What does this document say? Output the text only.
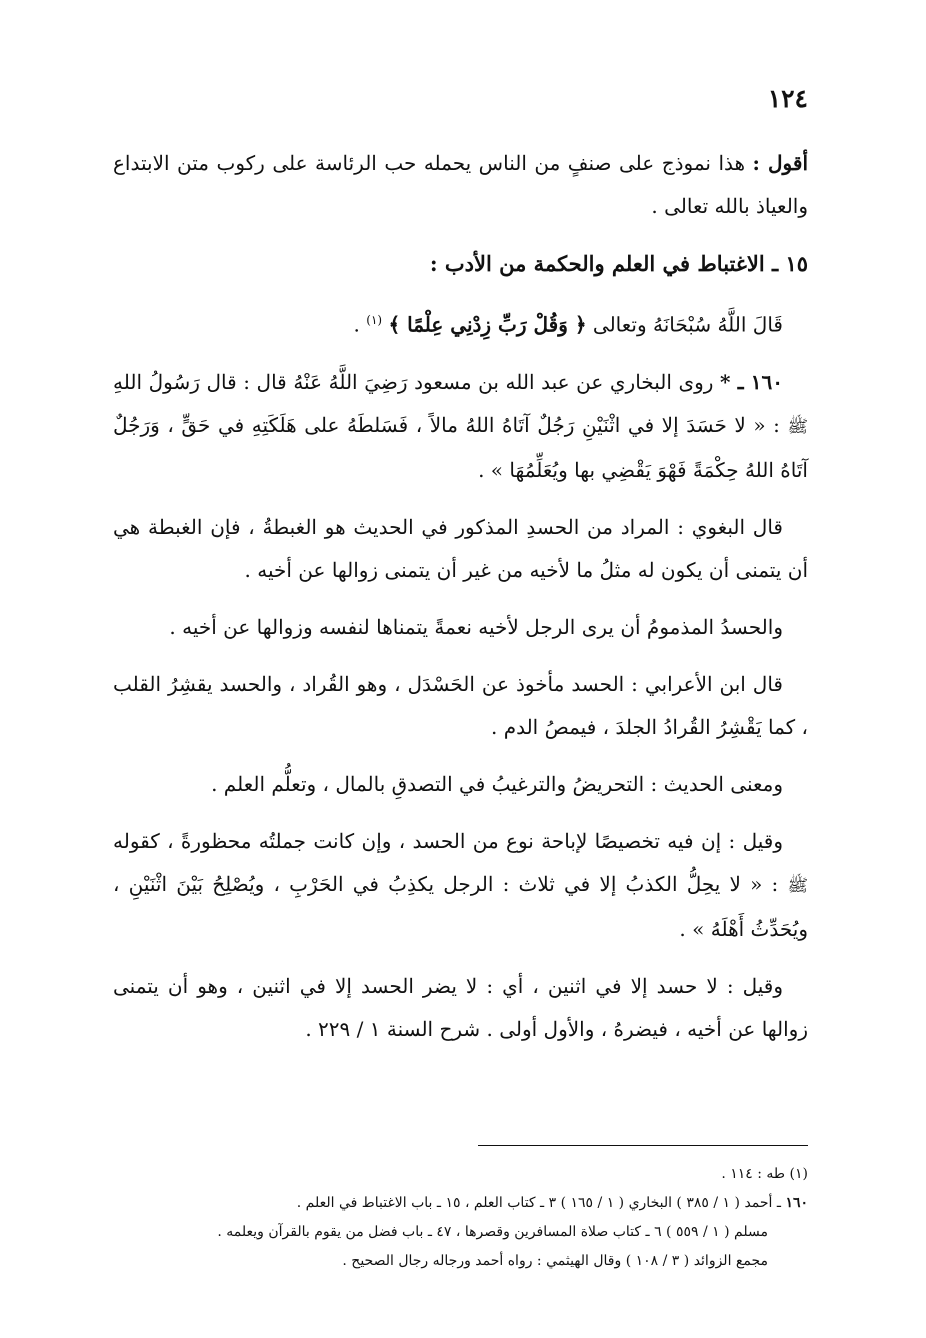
١٢٤

أقول : هذا نموذج على صنفٍ من الناس يحمله حب الرئاسة على ركوب متن الابتداع والعياذ بالله تعالى .

١٥ ـ الاغتباط في العلم والحكمة من الأدب :

قَالَ اللَّهُ سُبْحَانَهُ وتعالى ﴿ وَقُلْ رَبِّ زِدْنِي عِلْمًا ﴾ $^{(١)}$ .

١٦٠ ـ * روى البخاري عن عبد الله بن مسعود رَضِيَ اللَّهُ عَنْهُ قال : قال رَسُولُ اللهِ ﷺ : « لا حَسَدَ إلا في اثْنَيْنِ رَجُلٌ آتَاهُ اللهُ مالاً ، فَسَلطَهُ على هَلَكَتِهِ في حَقٍّ ، وَرَجُلٌ آتَاهُ اللهُ حِكْمَةً فَهْوَ يَقْضِي بها ويُعَلِّمُهَا » .

قال البغوي : المراد من الحسدِ المذكور في الحديث هو الغبطةُ ، فإن الغبطة هي أن يتمنى أن يكون له مثلُ ما لأخيه من غير أن يتمنى زوالها عن أخيه .

والحسدُ المذمومُ أن يرى الرجل لأخيه نعمةً يتمناها لنفسه وزوالها عن أخيه .

قال ابن الأعرابي : الحسد مأخوذ عن الحَسْدَل ، وهو القُراد ، والحسد يقشِرُ القلب ، كما يَقْشِرُ القُرادُ الجلدَ ، فيمصُ الدم .

ومعنى الحديث : التحريضُ والترغيبُ في التصدقِ بالمال ، وتعلُّم العلم .

وقيل : إن فيه تخصيصًا لإباحة نوع من الحسد ، وإن كانت جملتُه محظورةً ، كقوله ﷺ : « لا يحِلُّ الكذبُ إلا في ثلاث : الرجل يكذِبُ في الحَرْبِ ، ويُصْلِحُ بَيْنَ اثْنَيْنِ ، ويُحَدِّثُ أَهْلَهُ » .

وقيل : لا حسد إلا في اثنين ، أي : لا يضر الحسد إلا في اثنين ، وهو أن يتمنى زوالها عن أخيه ، فيضرهُ ، والأول أولى . شرح السنة ١ / ٢٢٩ .

(١) طه : ١١٤ .

١٦٠ ـ أحمد ( ١ / ٣٨٥ ) البخاري ( ١ / ١٦٥ ) ٣ ـ كتاب العلم ، ١٥ ـ باب الاغتباط في العلم .

مسلم ( ١ / ٥٥٩ ) ٦ ـ كتاب صلاة المسافرين وقصرها ، ٤٧ ـ باب فضل من يقوم بالقرآن ويعلمه .

مجمع الزوائد ( ٣ / ١٠٨ ) وقال الهيثمي : رواه أحمد ورجاله رجال الصحيح .
